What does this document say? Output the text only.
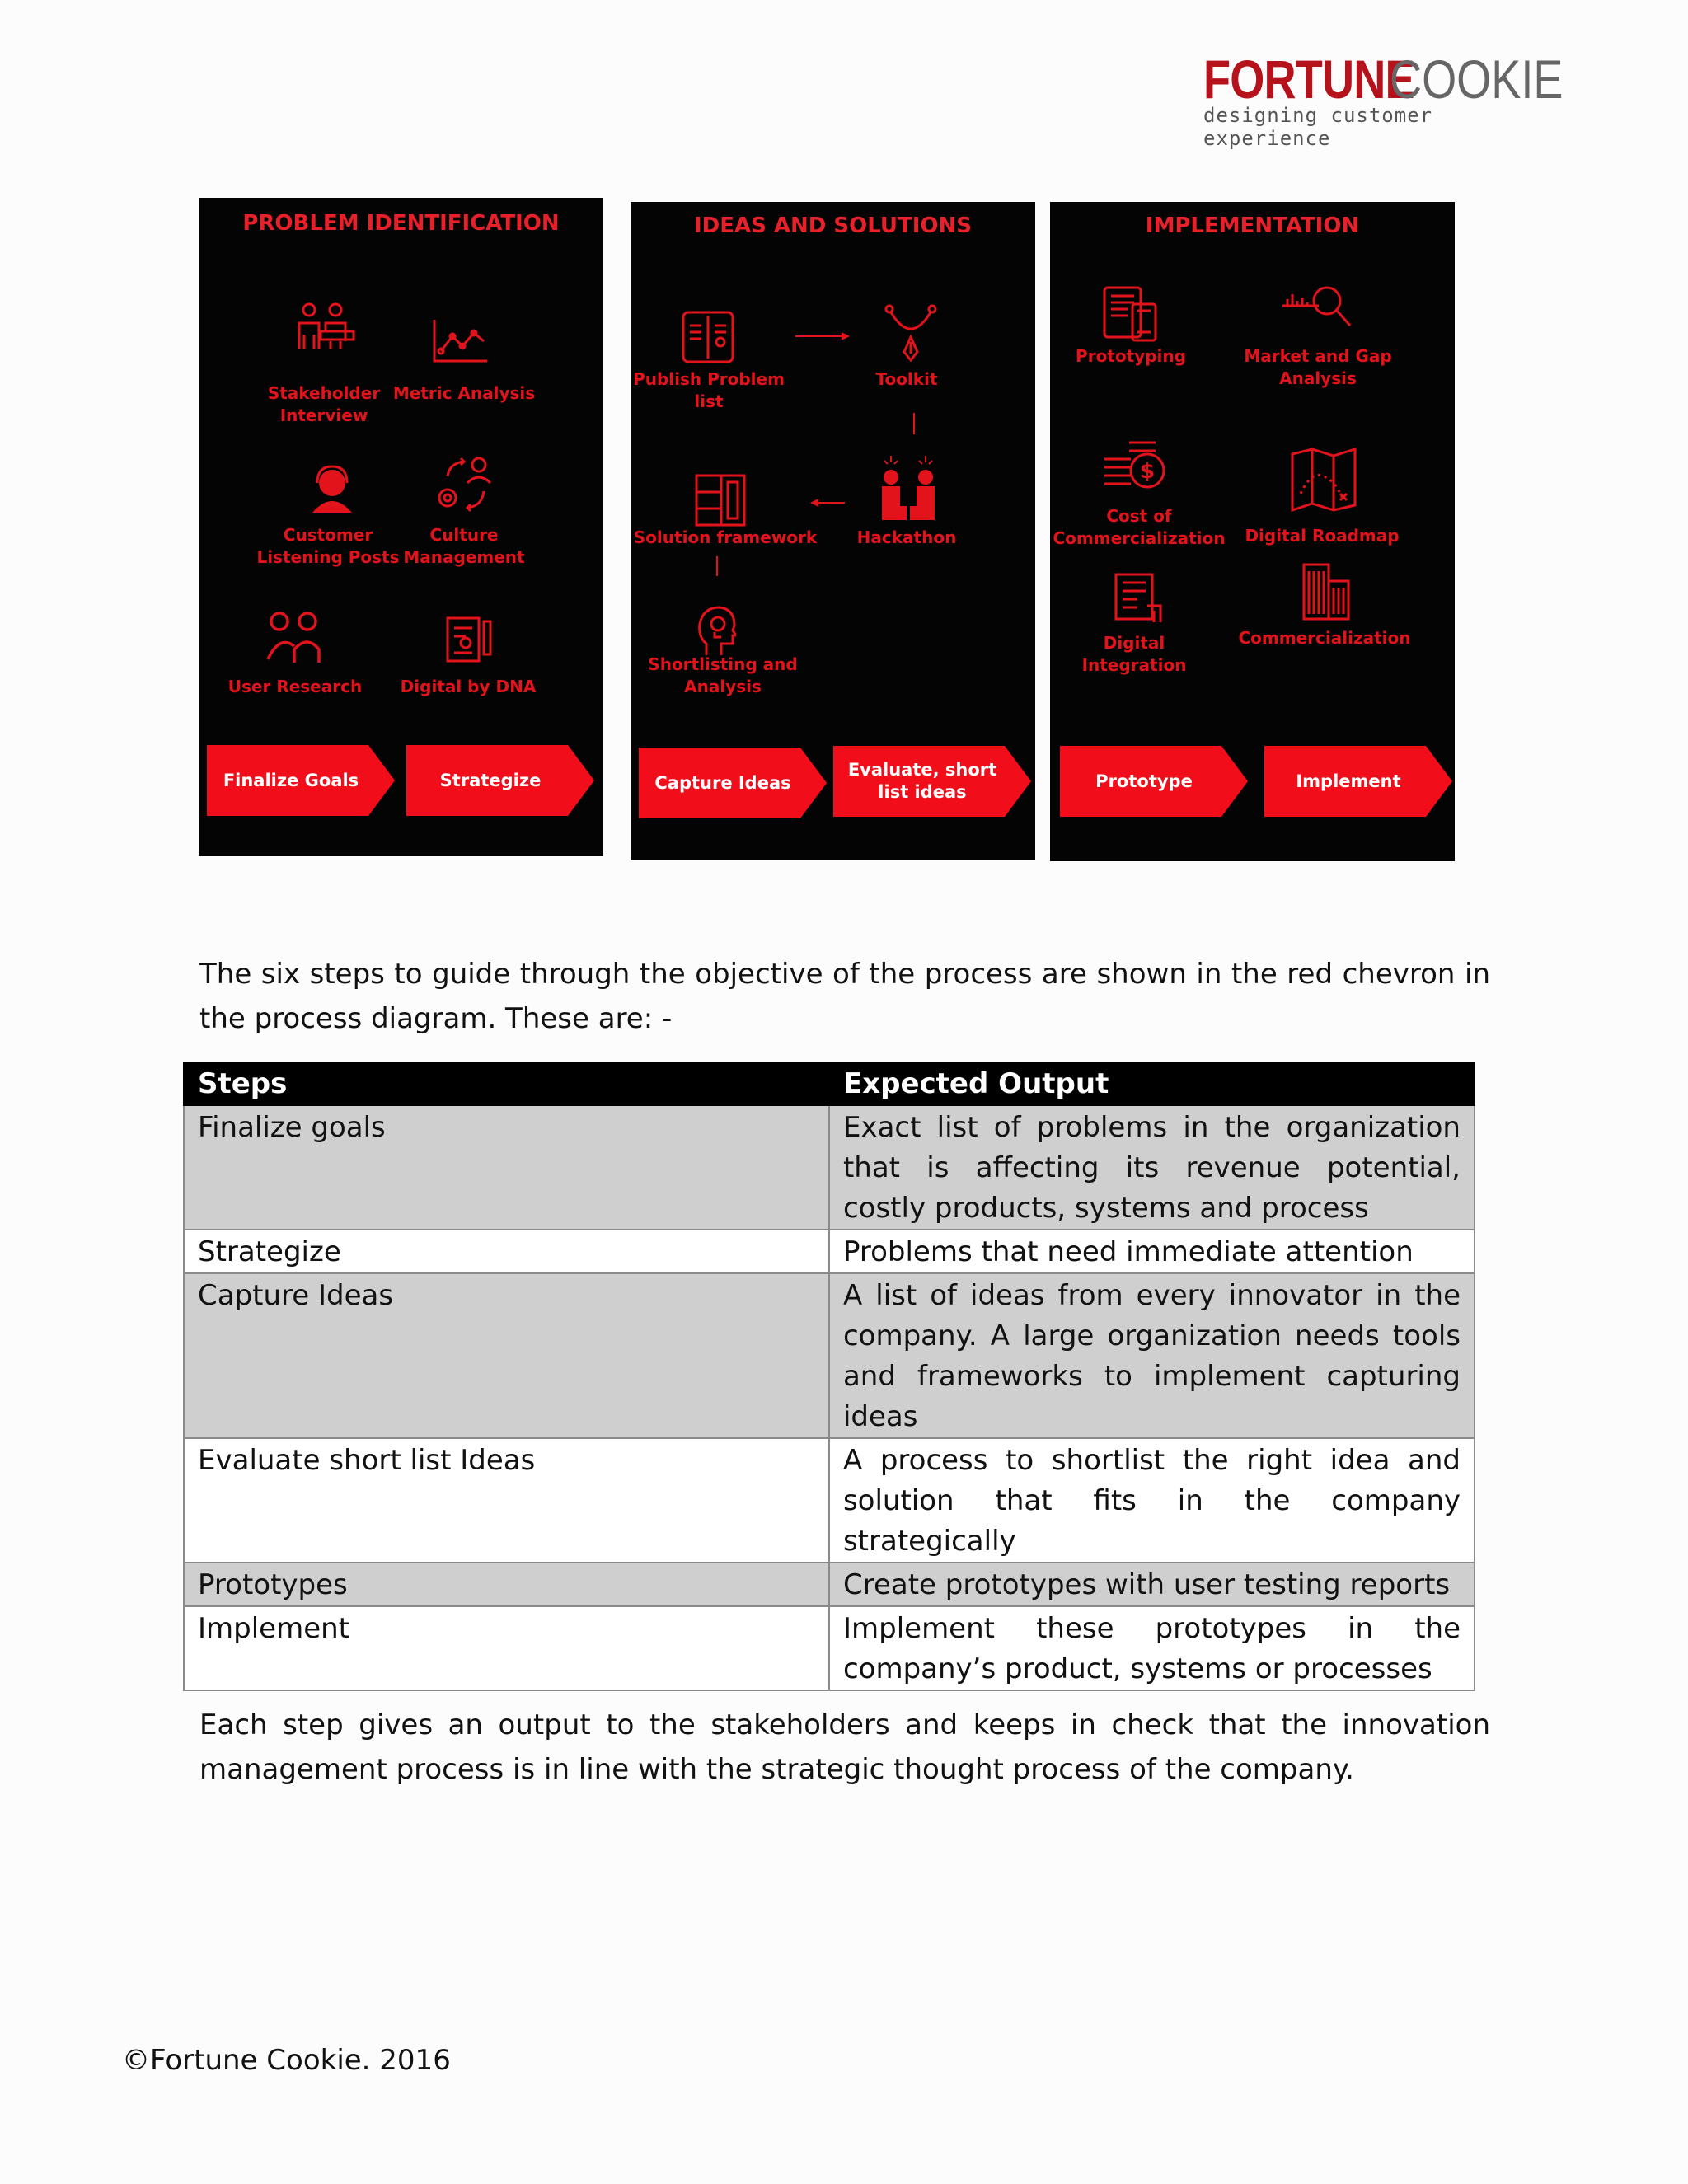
FORTUNE
COOKIE
designing customer experience
PROBLEM IDENTIFICATION
Stakeholder
Interview
Metric Analysis
Customer
Listening Posts
Culture
Management
User Research	Digital by DNA
Finalize Goals	Strategize
IDEAS AND SOLUTIONS
Publish Problem
list
Toolkit
Solution framework	Hackathon
Shortlisting and
Analysis
Capture Ideas
Evaluate, short
list ideas
IMPLEMENTATION
Prototyping	Market and Gap
Analysis
$
Cost of
Commercialization	Digital Roadmap
Digital Integration
Commercialization
Prototype	Implement
The six steps to guide through the objective of the process are shown in the red chevron in the process diagram. These are: -
Steps	Expected Output
Finalize goals	Exact list of problems in the organization that is affecting its revenue potential, costly products, systems and process
Strategize	Problems that need immediate attention
Capture Ideas	A list of ideas from every innovator in the company. A large organization needs tools and frameworks to implement capturing ideas
Evaluate short list Ideas	A process to shortlist the right idea and solution that fits in the company strategically
Prototypes	Create prototypes with user testing reports
Implement	Implement these prototypes in the company’s product, systems or processes
Each step gives an output to the stakeholders and keeps in check that the innovation management process is in line with the strategic thought process of the company.
©Fortune Cookie. 2016
